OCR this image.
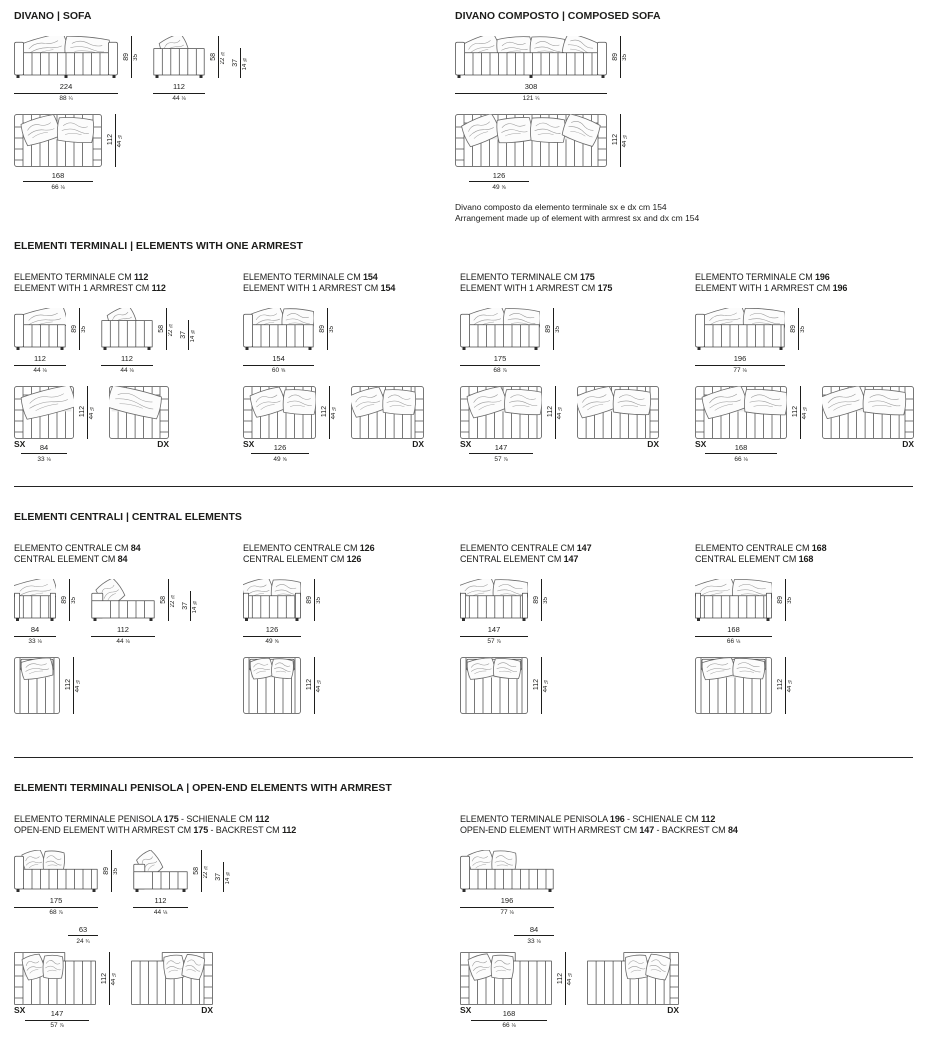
DIVANO | SOFA
89 35
224
88 ¼
58 22 ⅞
37 14 ⅝
112
44 ⅛
112 44 ⅛
168
66 ⅛
DIVANO COMPOSTO | COMPOSED SOFA
89 35
308
121 ¼
112 44 ⅛
126
49 ⅝

Divano composto da elemento terminale sx e dx cm 154
Arrangement made up of element with armrest sx and dx cm 154

ELEMENTI TERMINALI | ELEMENTS WITH ONE ARMREST
ELEMENTO TERMINALE CM 112
ELEMENT WITH 1 ARMREST CM 112
89 35
112
44 ⅛
58 22 ⅞
37 14 ⅝
112
44 ⅛
112 44 ⅛
SX 84
33 ⅛
DX
ELEMENTO TERMINALE CM 154
ELEMENT WITH 1 ARMREST CM 154
89 35
154
60 ⅝
112 44 ⅛
SX	126
49 ⅝
DX
ELEMENTO TERMINALE CM 175
ELEMENT WITH 1 ARMREST CM 175
89 35
175
68 ⅞
112 44 ⅛
SX	147
57 ⅞
DX
ELEMENTO TERMINALE CM 196
ELEMENT WITH 1 ARMREST CM 196
89 35
196
77 ⅛
112 44 ⅛
SX	168
66 ⅛
DX
ELEMENTI CENTRALI | CENTRAL ELEMENTS
ELEMENTO CENTRALE CM 84
CENTRAL ELEMENT CM 84
89 35
84
33 ⅛
58 22 ⅞
37 14 ⅝
112
44 ⅛
112 44 ⅛
ELEMENTO CENTRALE CM 126
CENTRAL ELEMENT CM 126
89 35
126
49 ⅝
112 44 ⅛
ELEMENTO CENTRALE CM 147
CENTRAL ELEMENT CM 147
89 35
147
57 ⅞
112 44 ⅛
ELEMENTO CENTRALE CM 168
CENTRAL ELEMENT CM 168
89 35
168
66 ⅛
112 44 ⅛
ELEMENTI TERMINALI PENISOLA | OPEN-END ELEMENTS WITH ARMREST
ELEMENTO TERMINALE PENISOLA 175 - SCHIENALE CM 112
OPEN-END ELEMENT WITH ARMREST CM 175 - BACKREST CM 112
89 35
175
68 ⅞
58 22 ⅞
37 14 ⅝
112
44 ⅛
63
24 ¾
112 44 ⅛
SX	147
57 ⅞
DX
ELEMENTO TERMINALE PENISOLA 196 - SCHIENALE CM 112
OPEN-END ELEMENT WITH ARMREST CM 147 - BACKREST CM 84
196
77 ⅛
84
33 ⅛
112 44 ⅛
SX	168
66 ⅛
DX
